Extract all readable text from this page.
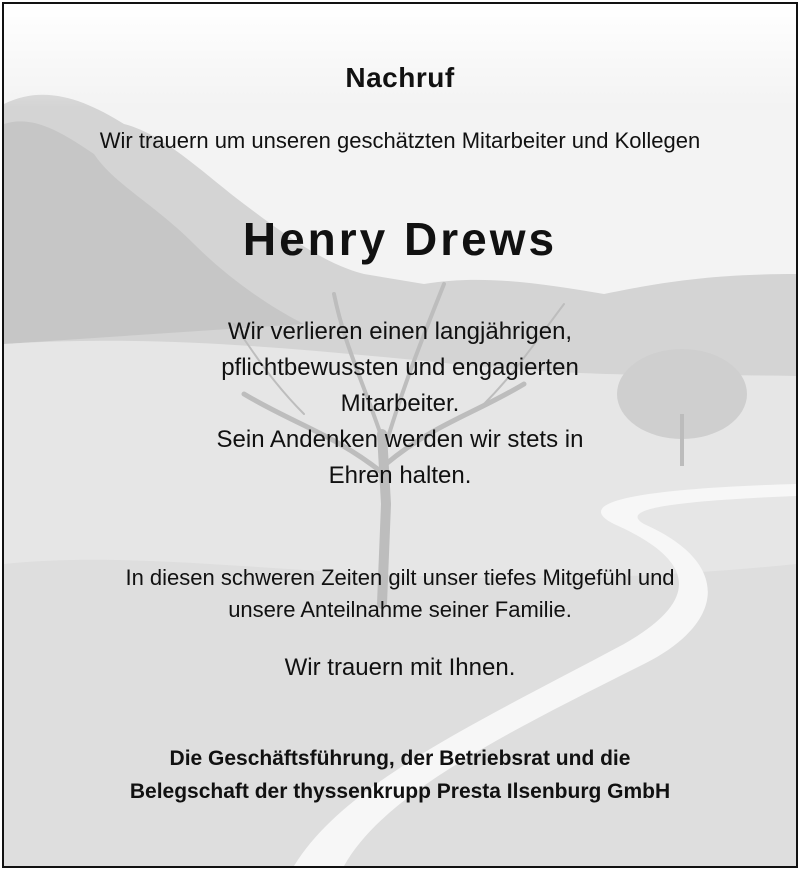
Nachruf
Wir trauern um unseren geschätzten Mitarbeiter und Kollegen
Henry Drews
Wir verlieren einen langjährigen,
pflichtbewussten und engagierten
Mitarbeiter.
Sein Andenken werden wir stets in
Ehren halten.
In diesen schweren Zeiten gilt unser tiefes Mitgefühl und
unsere Anteilnahme seiner Familie.
Wir trauern mit Ihnen.
Die Geschäftsführung, der Betriebsrat und die
Belegschaft der thyssenkrupp Presta Ilsenburg GmbH
